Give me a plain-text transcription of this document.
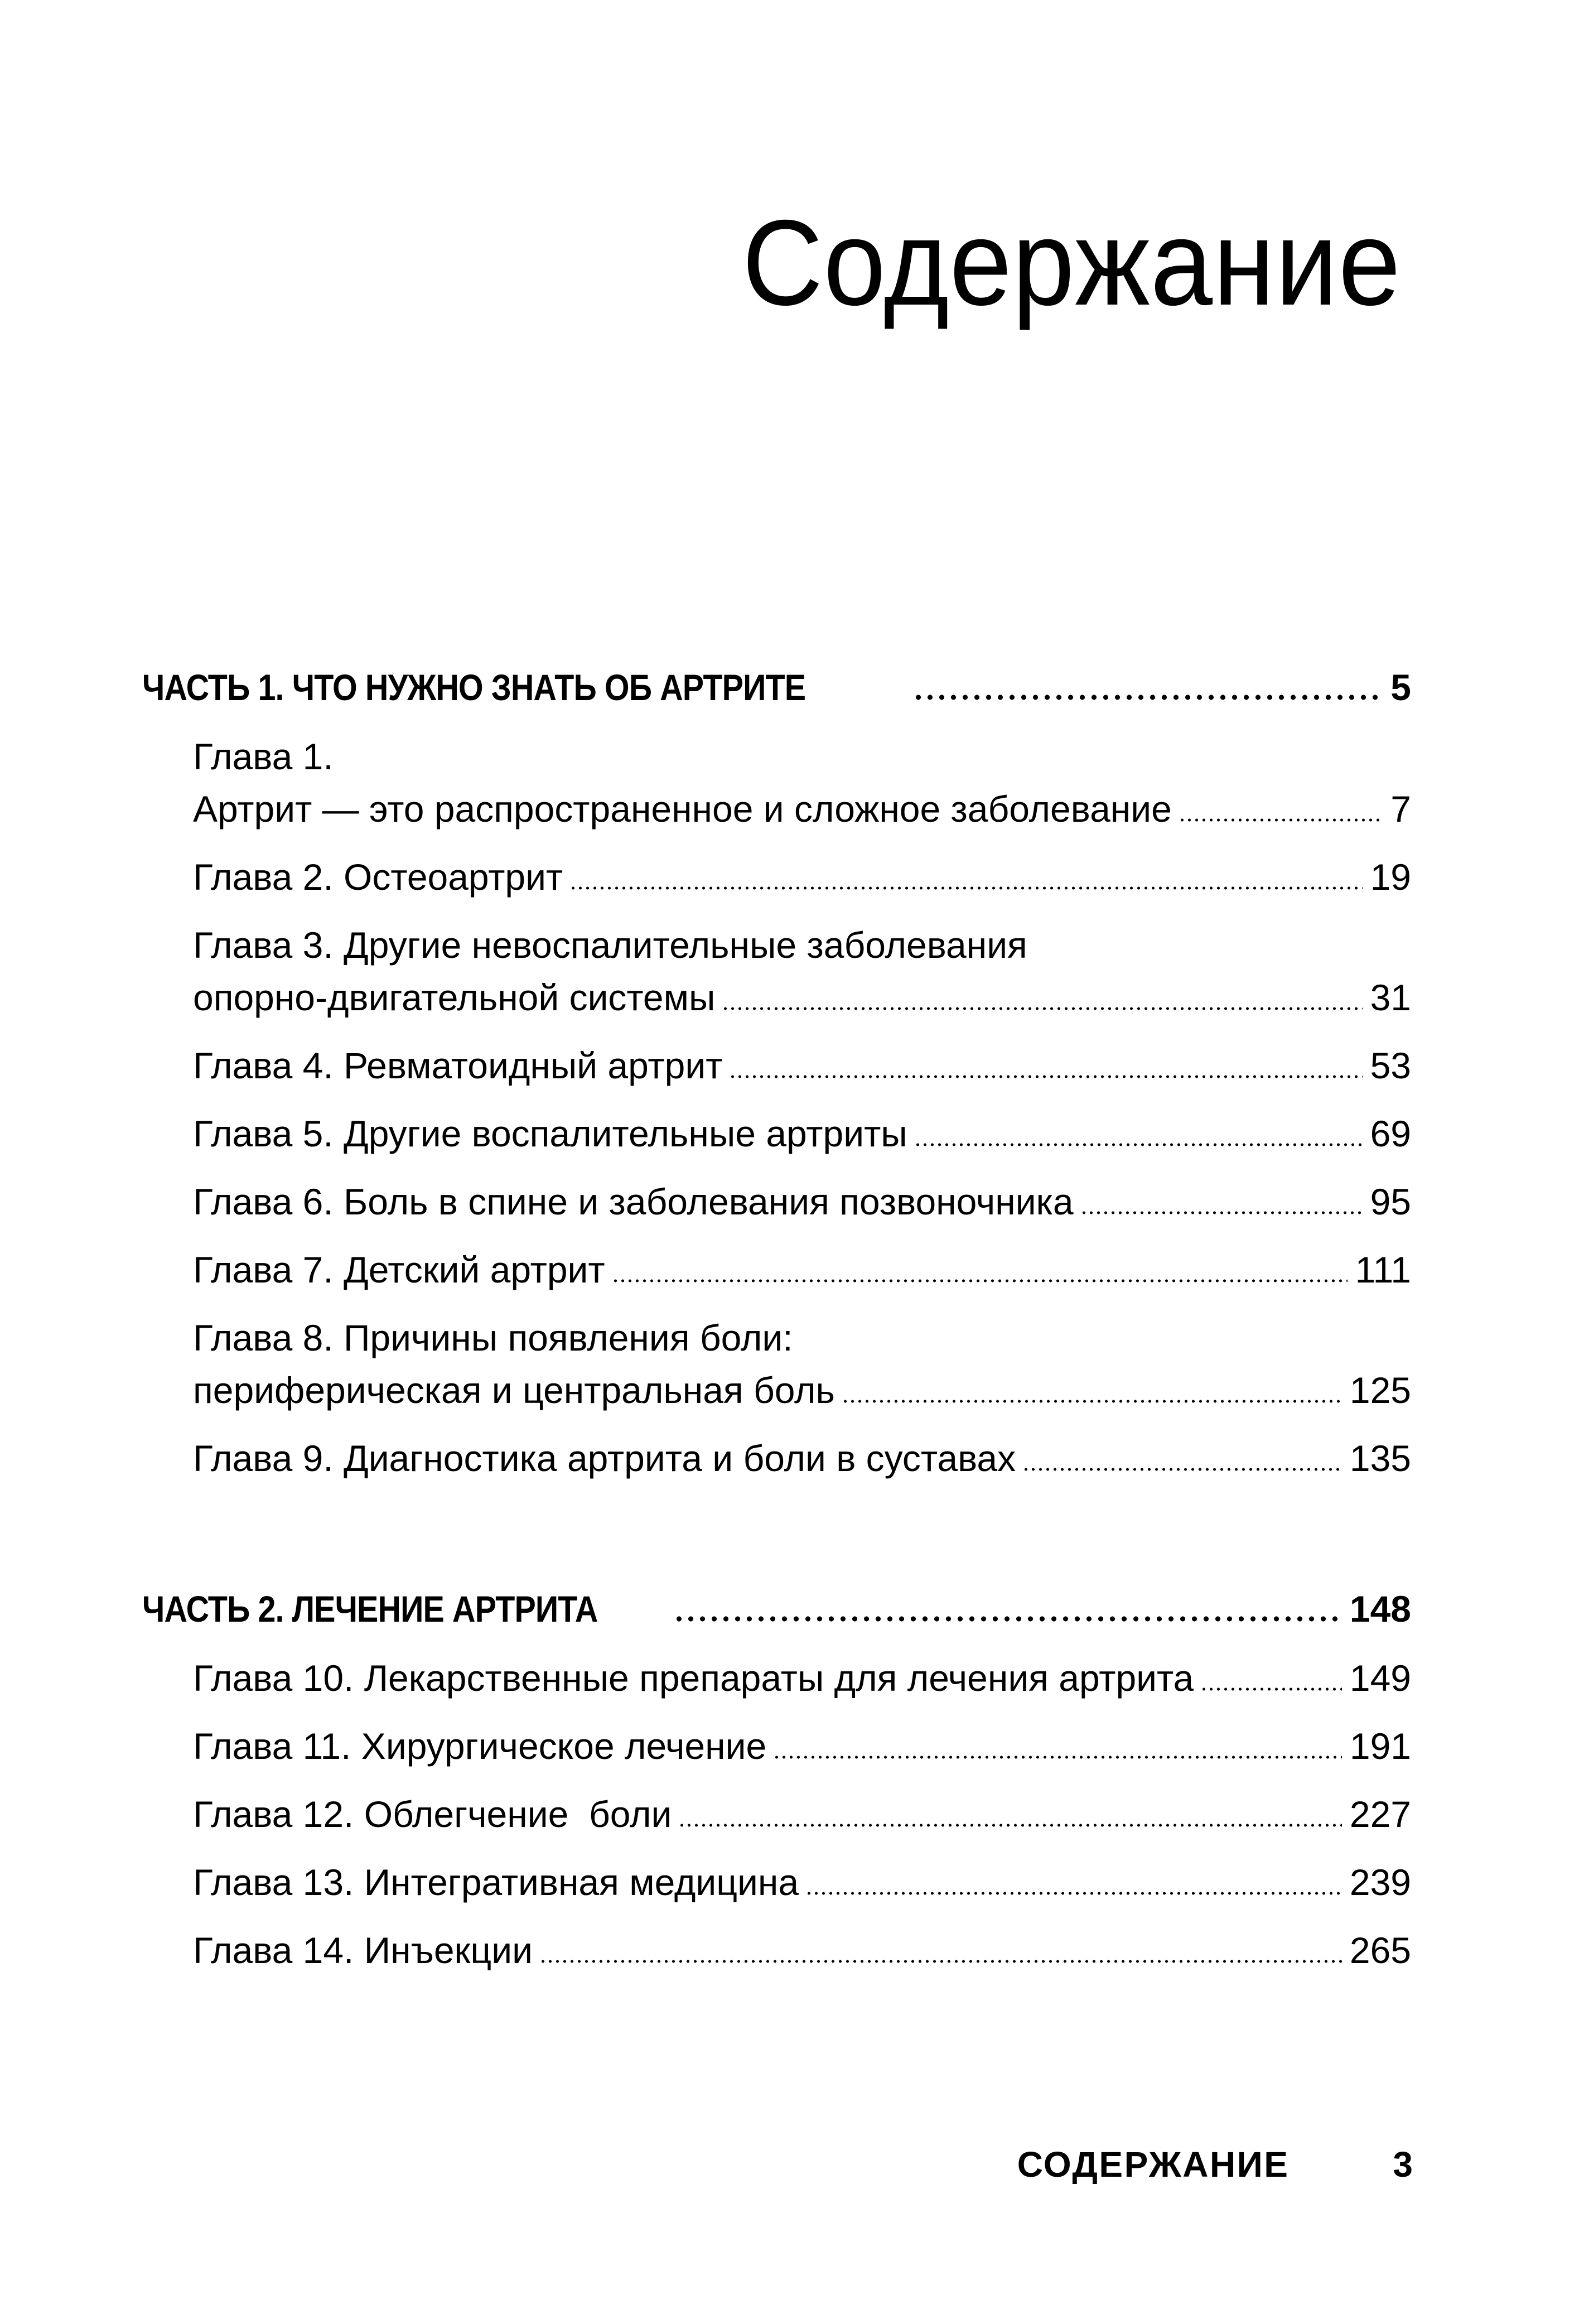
Содержание
ЧАСТЬ 1. ЧТО НУЖНО ЗНАТЬ ОБ АРТРИТЕ	5
Глава 1.
Артрит — это распространенное и сложное заболевание	7
Глава 2. Остеоартрит	19
Глава 3. Другие невоспалительные заболевания
опорно-двигательной системы	31
Глава 4. Ревматоидный артрит	53
Глава 5. Другие воспалительные артриты	69
Глава 6. Боль в спине и заболевания позвоночника	95
Глава 7. Детский артрит	111
Глава 8. Причины появления боли:
периферическая и центральная боль	125
Глава 9. Диагностика артрита и боли в суставах	135
ЧАСТЬ 2. ЛЕЧЕНИЕ АРТРИТА	148
Глава 10. Лекарственные препараты для лечения артрита	149
Глава 11. Хирургическое лечение	191
Глава 12. Облегчение  боли	227
Глава 13. Интегративная медицина	239
Глава 14. Инъекции	265
СОДЕРЖАНИЕ	3
